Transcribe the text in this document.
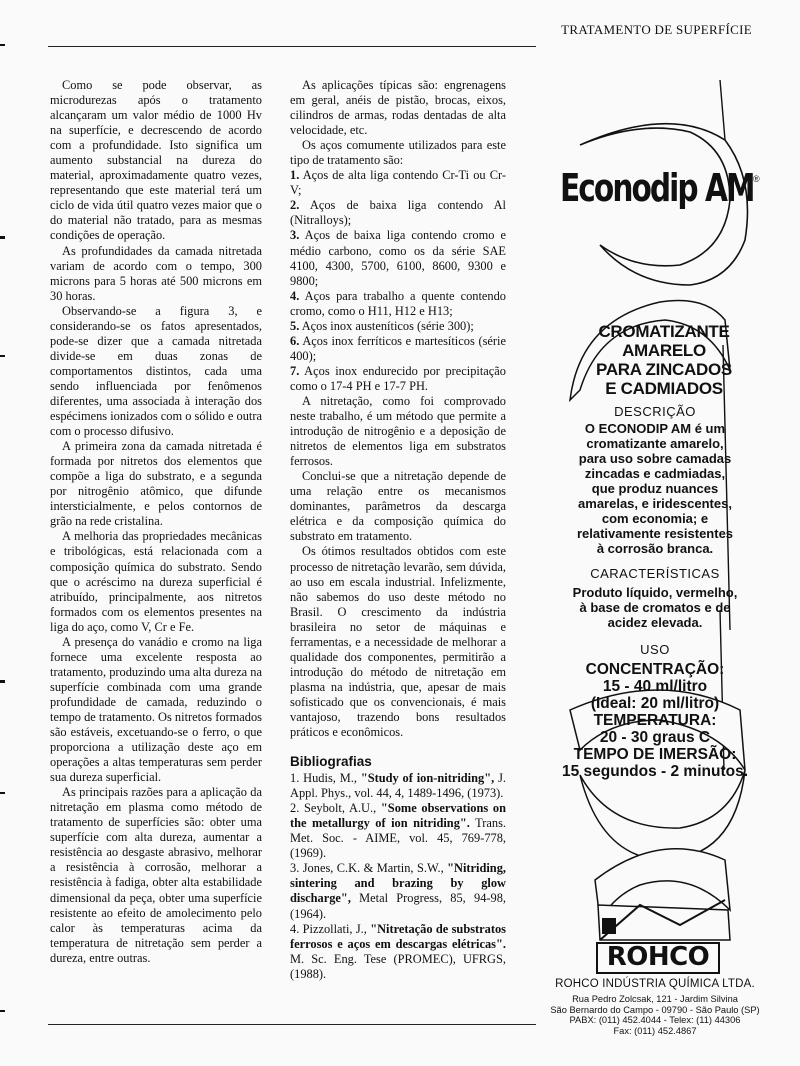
TRATAMENTO DE SUPERFÍCIE

Como se pode observar, as microdurezas após o tratamento alcançaram um valor médio de 1000 Hv na superfície, e decrescendo de acordo com a profundidade. Isto significa um aumento substancial na dureza do material, aproximadamente quatro vezes, representando que este material terá um ciclo de vida útil quatro vezes maior que o do material não tratado, para as mesmas condições de operação.

As profundidades da camada nitretada variam de acordo com o tempo, 300 microns para 5 horas até 500 microns em 30 horas.

Observando-se a figura 3, e considerando-se os fatos apresentados, pode-se dizer que a camada nitretada divide-se em duas zonas de comportamentos distintos, cada uma sendo influenciada por fenômenos diferentes, uma associada à interação dos espécimens ionizados com o sólido e outra com o processo difusivo.

A primeira zona da camada nitretada é formada por nitretos dos elementos que compõe a liga do substrato, e a segunda por nitrogênio atômico, que difunde intersticialmente, e pelos contornos de grão na rede cristalina.

A melhoria das propriedades mecânicas e tribológicas, está relacionada com a composição química do substrato. Sendo que o acréscimo na dureza superficial é atribuído, principalmente, aos nitretos formados com os elementos presentes na liga do aço, como V, Cr e Fe.

A presença do vanádio e cromo na liga fornece uma excelente resposta ao tratamento, produzindo uma alta dureza na superfície combinada com uma grande profundidade de camada, reduzindo o tempo de tratamento. Os nitretos formados são estáveis, excetuando-se o ferro, o que proporciona a utilização deste aço em operações a altas temperaturas sem perder sua dureza superficial.

As principais razões para a aplicação da nitretação em plasma como método de tratamento de superfícies são: obter uma superfície com alta dureza, aumentar a resistência ao desgaste abrasivo, melhorar a resistência à corrosão, melhorar a resistência à fadiga, obter alta estabilidade dimensional da peça, obter uma superfície resistente ao efeito de amolecimento pelo calor às temperaturas acima da temperatura de nitretação sem perder a dureza, entre outras.

As aplicações típicas são: engrenagens em geral, anéis de pistão, brocas, eixos, cilindros de armas, rodas dentadas de alta velocidade, etc.

Os aços comumente utilizados para este tipo de tratamento são:

1. Aços de alta liga contendo Cr-Ti ou Cr-V;

2. Aços de baixa liga contendo Al (Nitralloys);

3. Aços de baixa liga contendo cromo e médio carbono, como os da série SAE 4100, 4300, 5700, 6100, 8600, 9300 e 9800;

4. Aços para trabalho a quente contendo cromo, como o H11, H12 e H13;

5. Aços inox austeníticos (série 300);

6. Aços inox ferríticos e martesíticos (série 400);

7. Aços inox endurecido por precipitação como o 17-4 PH e 17-7 PH.

A nitretação, como foi comprovado neste trabalho, é um método que permite a introdução de nitrogênio e a deposição de nitretos de elementos liga em substratos ferrosos.

Conclui-se que a nitretação depende de uma relação entre os mecanismos dominantes, parâmetros da descarga elétrica e da composição química do substrato em tratamento.

Os ótimos resultados obtidos com este processo de nitretação levarão, sem dúvida, ao uso em escala industrial. Infelizmente, não sabemos do uso deste método no Brasil. O crescimento da indústria brasileira no setor de máquinas e ferramentas, e a necessidade de melhorar a qualidade dos componentes, permitirão a introdução do método de nitretação em plasma na indústria, que, apesar de mais sofisticado que os convencionais, é mais vantajoso, trazendo bons resultados práticos e econômicos.

Bibliografias

1. Hudis, M., "Study of ion-nitriding", J. Appl. Phys., vol. 44, 4, 1489-1496, (1973).

2. Seybolt, A.U., "Some observations on the metallurgy of ion nitriding". Trans. Met. Soc. - AIME, vol. 45, 769-778, (1969).

3. Jones, C.K. & Martin, S.W., "Nitriding, sintering and brazing by glow discharge", Metal Progress, 85, 94-98, (1964).

4. Pizzollati, J., "Nitretação de substratos ferrosos e aços em descargas elétricas". M. Sc. Eng. Tese (PROMEC), UFRGS, (1988).

Econodip AM ®
CROMATIZANTE
AMARELO
PARA ZINCADOS
E CADMIADOS
DESCRIÇÃO
O ECONODIP AM é um
cromatizante amarelo,
para uso sobre camadas
zincadas e cadmiadas,
que produz nuances
amarelas, e iridescentes,
com economia; e
relativamente resistentes
à corrosão branca.
CARACTERÍSTICAS
Produto líquido, vermelho,
à base de cromatos e de
acidez elevada.
USO
CONCENTRAÇÃO:
15 - 40 ml/litro
(Ideal: 20 ml/litro)
TEMPERATURA:
20 - 30 graus C
TEMPO DE IMERSÃO:
15 segundos - 2 minutos.
ROHCO
ROHCO INDÚSTRIA QUÍMICA LTDA.
Rua Pedro Zolcsak, 121 - Jardim Silvina
São Bernardo do Campo - 09790 - São Paulo (SP)
PABX: (011) 452.4044 - Telex: (11) 44306
Fax: (011) 452.4867
